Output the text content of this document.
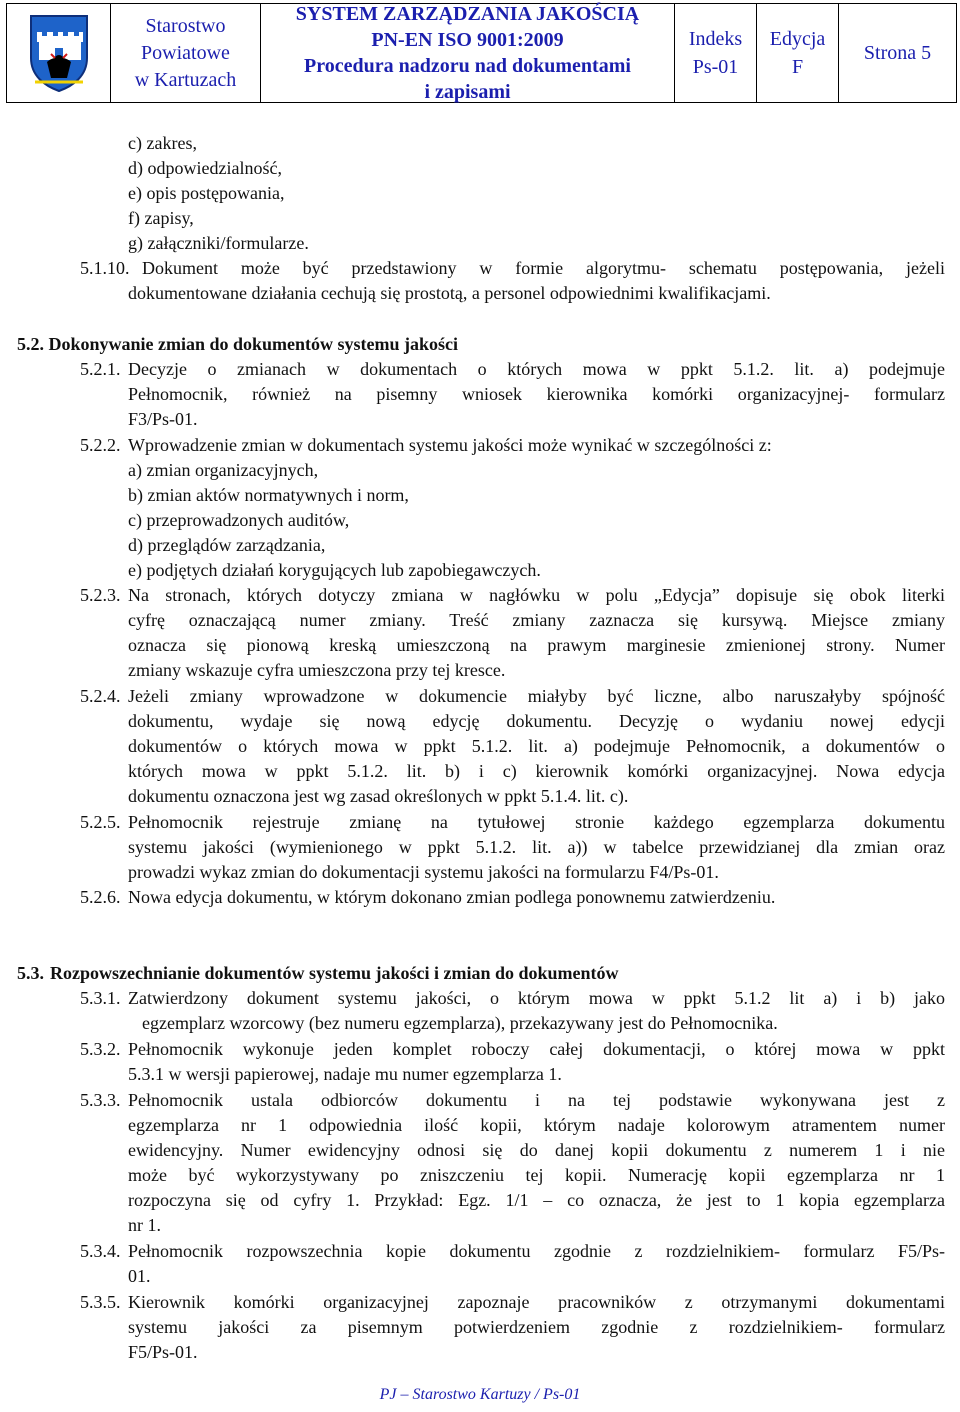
Starostwo
Powiatowe
w Kartuzach
SYSTEM ZARZĄDZANIA JAKOŚCIĄ
PN-EN ISO 9001:2009
Procedura nadzoru nad dokumentami
i zapisami
Indeks
Ps-01
Edycja
F
Strona 5
c) zakres,
d) odpowiedzialność,
e) opis postępowania,
f) zapisy,
g) załączniki/formularze.
5.1.10. Dokument może być przedstawiony w formie algorytmu- schematu postępowania, jeżeli
dokumentowane działania cechują się prostotą, a personel odpowiednimi kwalifikacjami.
5.2. Dokonywanie zmian do dokumentów systemu jakości
5.2.1. Decyzje o zmianach w dokumentach o których mowa w ppkt 5.1.2. lit. a) podejmuje
Pełnomocnik, również na pisemny wniosek kierownika komórki organizacyjnej- formularz
F3/Ps-01.
5.2.2. Wprowadzenie zmian w dokumentach systemu jakości może wynikać w szczególności z:
a) zmian organizacyjnych,
b) zmian aktów normatywnych i norm,
c) przeprowadzonych auditów,
d) przeglądów zarządzania,
e) podjętych działań korygujących lub zapobiegawczych.
5.2.3. Na stronach, których dotyczy zmiana w nagłówku w polu „Edycja” dopisuje się obok literki
cyfrę oznaczającą numer zmiany. Treść zmiany zaznacza się kursywą. Miejsce zmiany
oznacza się pionową kreską umieszczoną na prawym marginesie zmienionej strony. Numer
zmiany wskazuje cyfra umieszczona przy tej kresce.
5.2.4. Jeżeli zmiany wprowadzone w dokumencie miałyby być liczne, albo naruszałyby spójność
dokumentu, wydaje się nową edycję dokumentu. Decyzję o wydaniu nowej edycji
dokumentów o których mowa w ppkt 5.1.2. lit. a) podejmuje Pełnomocnik, a dokumentów o
których mowa w ppkt 5.1.2. lit. b) i c) kierownik komórki organizacyjnej. Nowa edycja
dokumentu oznaczona jest wg zasad określonych w ppkt 5.1.4. lit. c).
5.2.5. Pełnomocnik rejestruje zmianę na tytułowej stronie każdego egzemplarza dokumentu
systemu jakości (wymienionego w ppkt 5.1.2. lit. a)) w tabelce przewidzianej dla zmian oraz
prowadzi wykaz zmian do dokumentacji systemu jakości na formularzu F4/Ps-01.
5.2.6. Nowa edycja dokumentu, w którym dokonano zmian podlega ponownemu zatwierdzeniu.
5.3. Rozpowszechnianie dokumentów systemu jakości i zmian do dokumentów
5.3.1. Zatwierdzony dokument systemu jakości, o którym mowa w ppkt 5.1.2 lit a) i b) jako
egzemplarz wzorcowy (bez numeru egzemplarza), przekazywany jest do Pełnomocnika.
5.3.2. Pełnomocnik wykonuje jeden komplet roboczy całej dokumentacji, o której mowa w ppkt
5.3.1 w wersji papierowej, nadaje mu numer egzemplarza 1.
5.3.3. Pełnomocnik ustala odbiorców dokumentu i na tej podstawie wykonywana jest z
egzemplarza nr 1 odpowiednia ilość kopii, którym nadaje kolorowym atramentem numer
ewidencyjny. Numer ewidencyjny odnosi się do danej kopii dokumentu z numerem 1 i nie
może być wykorzystywany po zniszczeniu tej kopii. Numerację kopii egzemplarza nr 1
rozpoczyna się od cyfry 1. Przykład: Egz. 1/1 – co oznacza, że jest to 1 kopia egzemplarza
nr 1.
5.3.4. Pełnomocnik rozpowszechnia kopie dokumentu zgodnie z rozdzielnikiem- formularz F5/Ps-
01.
5.3.5. Kierownik komórki organizacyjnej zapoznaje pracowników z otrzymanymi dokumentami
systemu jakości za pisemnym potwierdzeniem zgodnie z rozdzielnikiem- formularz
F5/Ps-01.
PJ – Starostwo Kartuzy / Ps-01
